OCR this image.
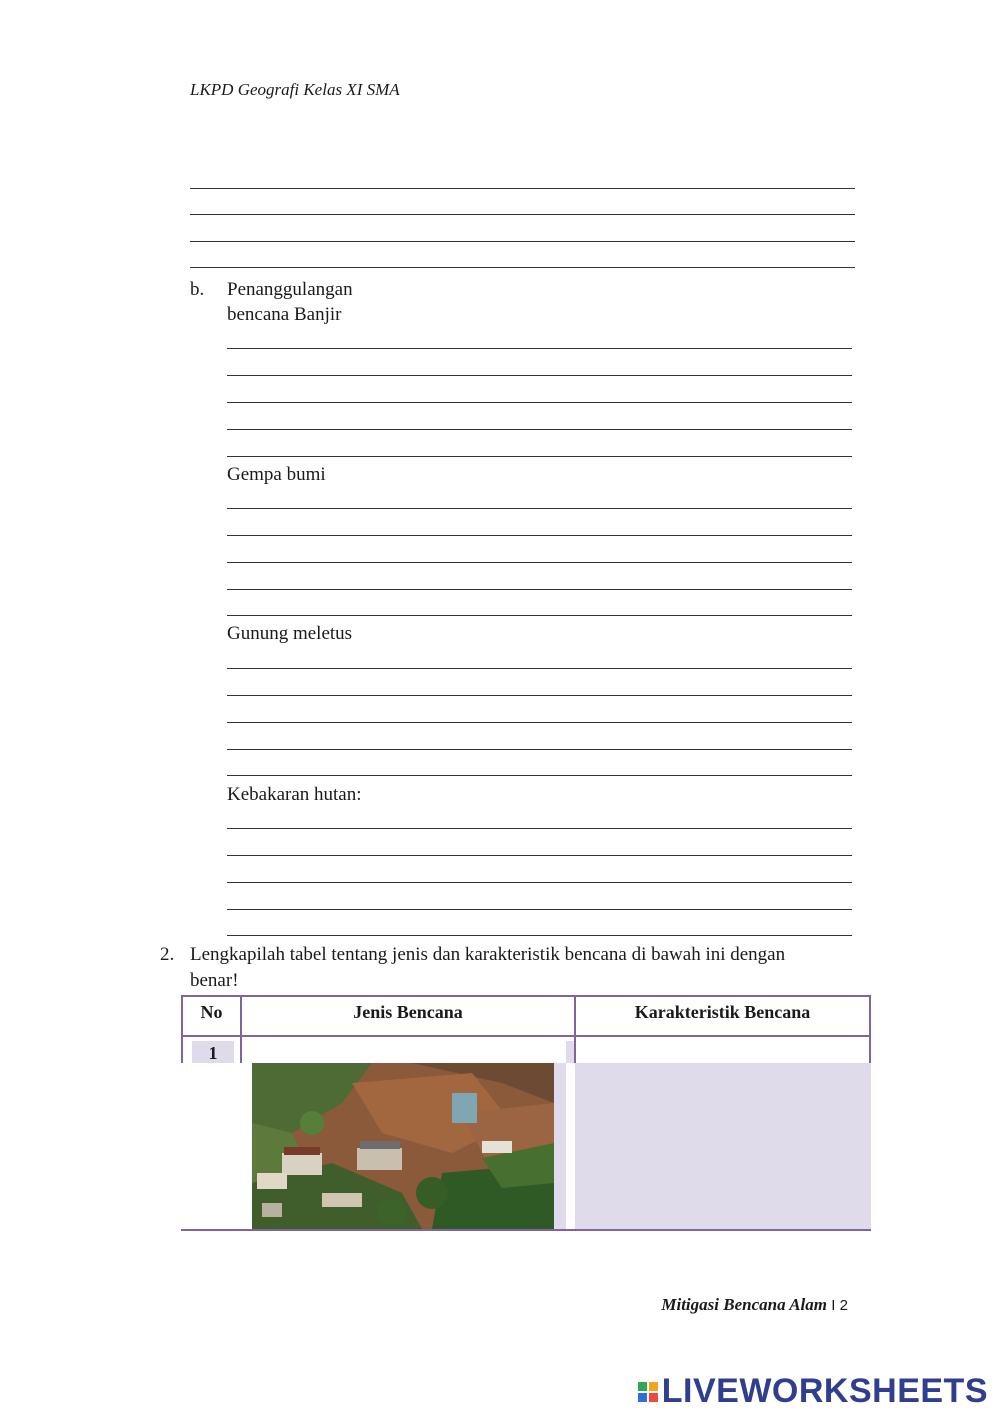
LKPD Geografi Kelas XI SMA
b. Penanggulangan
bencana Banjir
Gempa bumi
Gunung meletus
Kebakaran hutan:
2. Lengkapilah tabel tentang jenis dan karakteristik bencana di bawah ini dengan
benar!
No	Jenis Bencana	Karakteristik Bencana
1
Mitigasi Bencana Alam I 2
LIVEWORKSHEETS
